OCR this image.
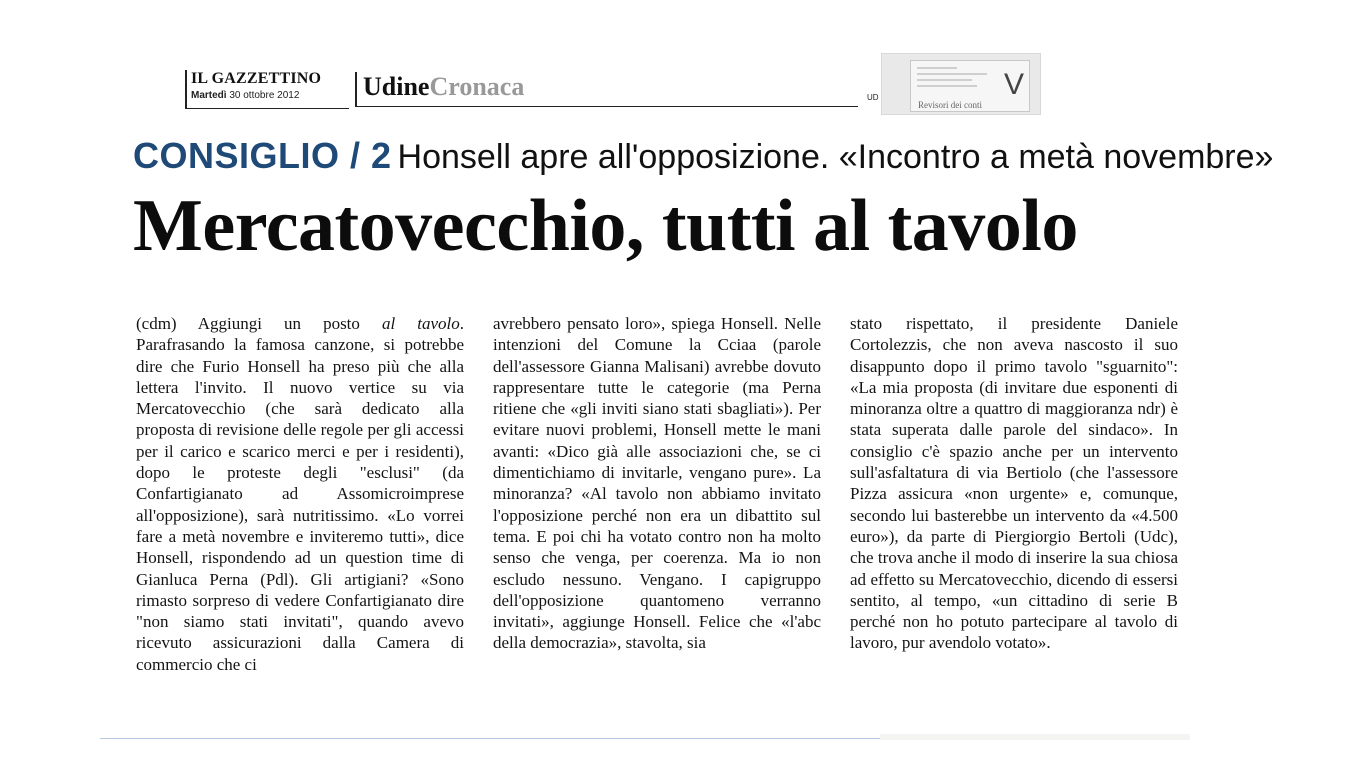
IL GAZZETTINO
Martedì 30 ottobre 2012	UdineCronaca	UD	V
Revisori dei conti
CONSIGLIO / 2 Honsell apre all'opposizione. «Incontro a metà novembre»
Mercatovecchio, tutti al tavolo

(cdm) Aggiungi un posto al tavolo. Parafrasando la famosa canzone, si potrebbe dire che Furio Honsell ha preso più che alla lettera l'invito. Il nuovo vertice su via Mercatovecchio (che sarà dedicato alla proposta di revisione delle regole per gli accessi per il carico e scarico merci e per i residenti), dopo le proteste degli "esclusi" (da Confartigianato ad Assomicroimprese all'opposizione), sarà nutritissimo. «Lo vorrei fare a metà novembre e inviteremo tutti», dice Honsell, rispondendo ad un question time di Gianluca Perna (Pdl). Gli artigiani? «Sono rimasto sorpreso di vedere Confartigianato dire "non siamo stati invitati", quando avevo ricevuto assicurazioni dalla Camera di commercio che ci

avrebbero pensato loro», spiega Honsell. Nelle intenzioni del Comune la Cciaa (parole dell'assessore Gianna Malisani) avrebbe dovuto rappresentare tutte le categorie (ma Perna ritiene che «gli inviti siano stati sbagliati»). Per evitare nuovi problemi, Honsell mette le mani avanti: «Dico già alle associazioni che, se ci dimentichiamo di invitarle, vengano pure». La minoranza? «Al tavolo non abbiamo invitato l'opposizione perché non era un dibattito sul tema. E poi chi ha votato contro non ha molto senso che venga, per coerenza. Ma io non escludo nessuno. Vengano. I capigruppo dell'opposizione quantomeno verranno invitati», aggiunge Honsell. Felice che «l'abc della democrazia», stavolta, sia

stato rispettato, il presidente Daniele Cortolezzis, che non aveva nascosto il suo disappunto dopo il primo tavolo "sguarnito": «La mia proposta (di invitare due esponenti di minoranza oltre a quattro di maggioranza ndr) è stata superata dalle parole del sindaco». In consiglio c'è spazio anche per un intervento sull'asfaltatura di via Bertiolo (che l'assessore Pizza assicura «non urgente» e, comunque, secondo lui basterebbe un intervento da «4.500 euro»), da parte di Piergiorgio Bertoli (Udc), che trova anche il modo di inserire la sua chiosa ad effetto su Mercatovecchio, dicendo di essersi sentito, al tempo, «un cittadino di serie B perché non ho potuto partecipare al tavolo di lavoro, pur avendolo votato».
